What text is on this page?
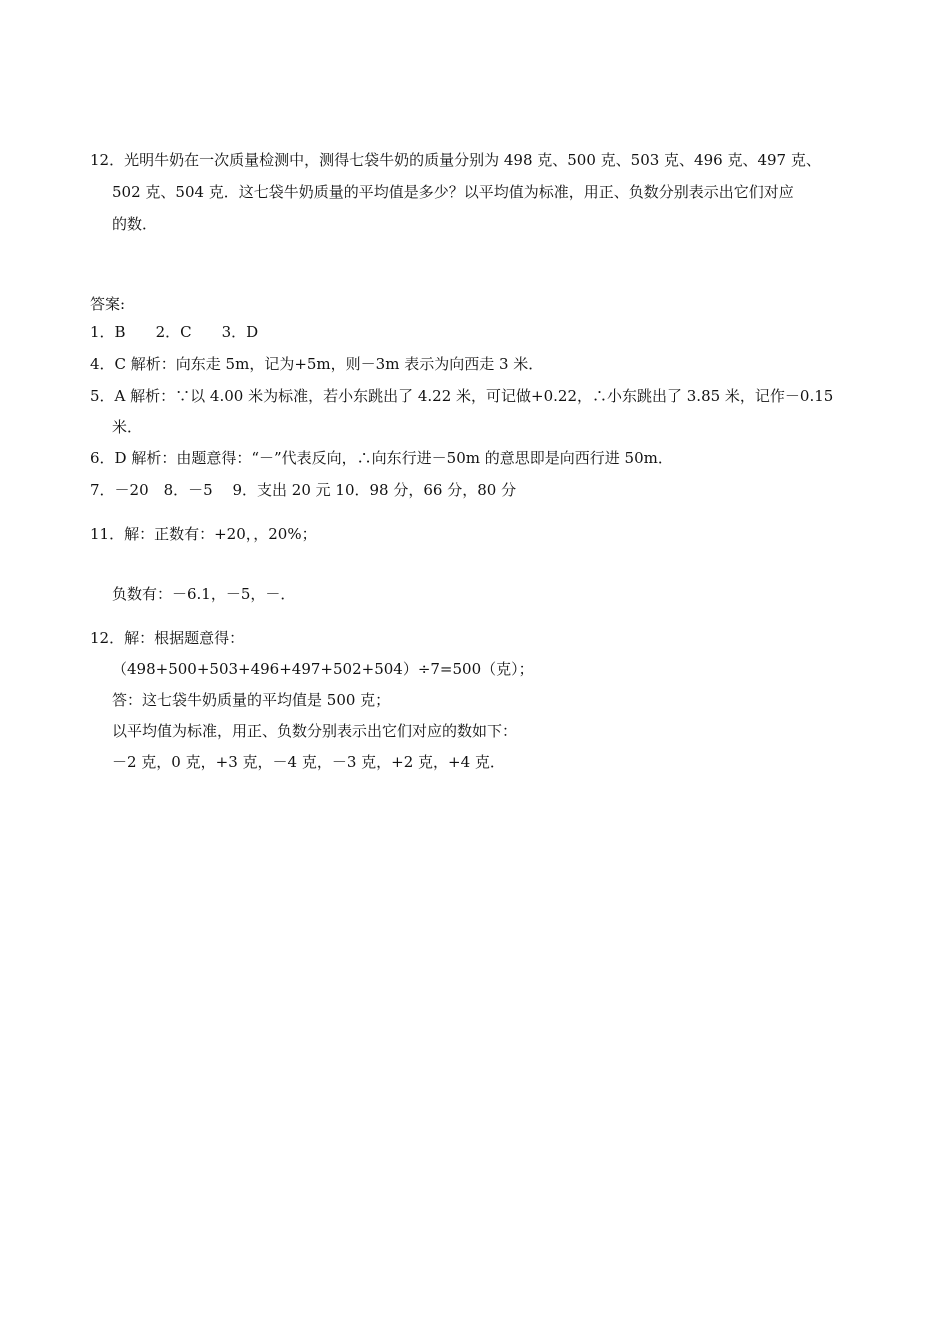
12．光明牛奶在一次质量检测中，测得七袋牛奶的质量分别为 498 克、500 克、503 克、496 克、497 克、
502 克、504 克．这七袋牛奶质量的平均值是多少？以平均值为标准，用正、负数分别表示出它们对应
的数．
答案:
1．B　　2．C　　3．D
4．C 解析：向东走 5m，记为+5m，则－3m 表示为向西走 3 米．
5．A 解析：∵以 4.00 米为标准，若小东跳出了 4.22 米，可记做+0.22，∴小东跳出了 3.85 米，记作－0.15
米．
6．D 解析：由题意得：“－”代表反向，∴向东行进－50m 的意思即是向西行进 50m．
7．－20　8．－5　 9．支出 20 元 10．98 分，66 分，80 分
11．解：正数有：+20，，20%；
负数有：－6.1，－5，－．
12．解：根据题意得：
（498+500+503+496+497+502+504）÷7=500（克）；
答：这七袋牛奶质量的平均值是 500 克；
以平均值为标准，用正、负数分别表示出它们对应的数如下：
－2 克，0 克，+3 克，－4 克，－3 克，+2 克，+4 克．
